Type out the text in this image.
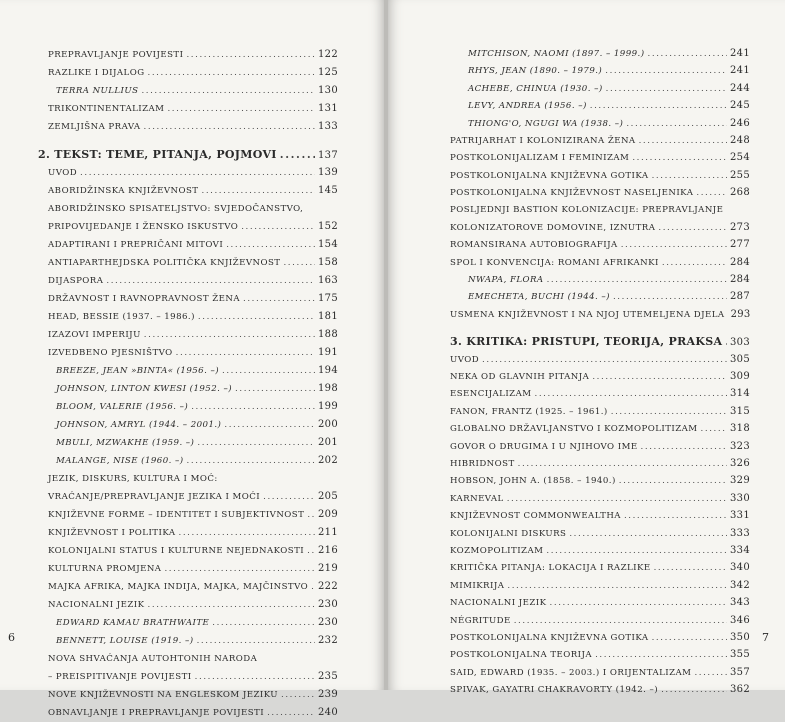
PREPRAVLJANJE POVIJESTI .....	122
RAZLIKE I DIJALOG .....	125
TERRA NULLIUS .....	130
TRIKONTINENTALIZAM .....	131
ZEMLJIŠNA PRAVA .....	133
2. TEKST: TEME, PITANJA, POJMOVI .....	137
UVOD .....	139
ABORIDŽINSKA KNJIŽEVNOST .....	145
ABORIDŽINSKO SPISATELJSTVO: SVJEDOČANSTVO,
PRIPOVIJEDANJE I ŽENSKO ISKUSTVO .....	152
ADAPTIRANI I PREPRIČANI MITOVI .....	154
ANTIAPARTHEJDSKA POLITIČKA KNJIŽEVNOST .....	158
DIJASPORA .....	163
DRŽAVNOST I RAVNOPRAVNOST ŽENA .....	175
HEAD, BESSIE (1937. – 1986.) .....	181
IZAZOVI IMPERIJU .....	188
IZVEDBENO PJESNIŠTVO .....	191
BREEZE, JEAN »BINTA« (1956. –) .....	194
JOHNSON, LINTON KWESI (1952. –) .....	198
BLOOM, VALERIE (1956. –) .....	199
JOHNSON, AMRYL (1944. – 2001.) .....	200
MBULI, MZWAKHE (1959. –) .....	201
MALANGE, NISE (1960. –) .....	202
JEZIK, DISKURS, KULTURA I MOĆ:
VRAĆANJE/PREPRAVLJANJE JEZIKA I MOĆI .....	205
KNJIŽEVNE FORME – IDENTITET I SUBJEKTIVNOST ..... 209
KNJIŽEVNOST I POLITIKA .....	211
KOLONIJALNI STATUS I KULTURNE NEJEDNAKOSTI ..... 216
KULTURNA PROMJENA .....	219
MAJKA AFRIKA, MAJKA INDIJA, MAJKA, MAJČINSTVO ..... 222
NACIONALNI JEZIK .....	230
EDWARD KAMAU BRATHWAITE .....	230
BENNETT, LOUISE (1919. –) .....	232
NOVA SHVAĆANJA AUTOHTONIH NARODA
– PREISPITIVANJE POVIJESTI .....	235
NOVE KNJIŽEVNOSTI NA ENGLESKOM JEZIKU .....	239
OBNAVLJANJE I PREPRAVLJANJE POVIJESTI .....	240
6
MITCHISON, NAOMI (1897. – 1999.) .....	241
RHYS, JEAN (1890. – 1979.) .....	241
ACHEBE, CHINUA (1930. –) .....	244
LEVY, ANDREA (1956. –) .....	245
THIONG'O, NGUGI WA (1938. –) .....	246
PATRIJARHAT I KOLONIZIRANA ŽENA .....	248
POSTKOLONIJALIZAM I FEMINIZAM .....	254
POSTKOLONIJALNA KNJIŽEVNA GOTIKA .....	255
POSTKOLONIJALNA KNJIŽEVNOST NASELJENIKA .....	268
POSLJEDNJI BASTION KOLONIZACIJE: PREPRAVLJANJE
KOLONIZATOROVE DOMOVINE, IZNUTRA .....	273
ROMANSIRANA AUTOBIOGRAFIJA .....	277
SPOL I KONVENCIJA: ROMANI AFRIKANKI .....	284
NWAPA, FLORA .....	284
EMECHETA, BUCHI (1944. –) .....	287
USMENA KNJIŽEVNOST I NA NJOJ UTEMELJENA DJELA 293
3. KRITIKA: PRISTUPI, TEORIJA, PRAKSA ..... 303
UVOD .....	305
NEKA OD GLAVNIH PITANJA .....	309
ESENCIJALIZAM .....	314
FANON, FRANTZ (1925. – 1961.) .....	315
GLOBALNO DRŽAVLJANSTVO I KOZMOPOLITIZAM .....	318
GOVOR O DRUGIMA I U NJIHOVO IME .....	323
HIBRIDNOST .....	326
HOBSON, JOHN A. (1858. – 1940.) .....	329
KARNEVAL .....	330
KNJIŽEVNOST COMMONWEALTHA .....	331
KOLONIJALNI DISKURS .....	333
KOZMOPOLITIZAM .....	334
KRITIČKA PITANJA: LOKACIJA I RAZLIKE .....	340
MIMIKRIJA .....	342
NACIONALNI JEZIK .....	343
NÉGRITUDE .....	346
POSTKOLONIJALNA KNJIŽEVNA GOTIKA .....	350
POSTKOLONIJALNA TEORIJA .....	355
SAID, EDWARD (1935. – 2003.) I ORIJENTALIZAM .....	357
SPIVAK, GAYATRI CHAKRAVORTY (1942. –) .....	362
7
